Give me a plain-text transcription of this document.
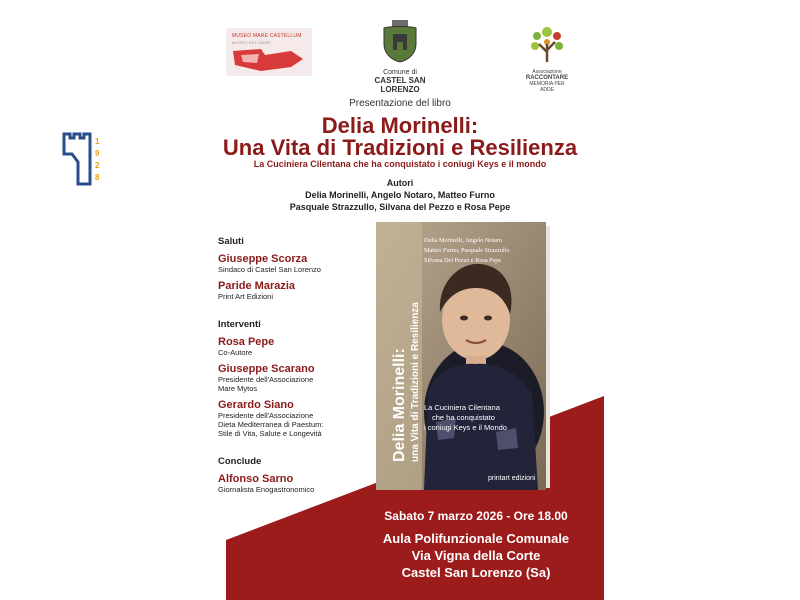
1
9
2
8
MUSEO MARE CASTELLUM
MUSEO DEL MARE
Comune di
CASTEL SAN LORENZO
Associazione
RACCONTARE
MEMORIA PER ADDE
Presentazione del libro
Delia Morinelli:
Una Vita di Tradizioni e Resilienza
La Cuciniera Cilentana che ha conquistato i coniugi Keys e il mondo
Autori
Delia Morinelli, Angelo Notaro, Matteo Furno
Pasquale Strazzullo, Silvana del Pezzo e Rosa Pepe
Saluti
Giuseppe Scorza
Sindaco di Castel San Lorenzo
Paride Marazia
Print Art Edizioni
Interventi
Rosa Pepe
Co-Autore
Giuseppe Scarano
Presidente dell'Associazione
Mare Mytos
Gerardo Siano
Presidente dell'Associazione
Dieta Mediterranea di Paestum:
Stile di Vita, Salute e Longevità
Conclude
Alfonso Sarno
Giornalista Enogastronomico
Delia Morinelli, Angelo Notaro
Matteo Furno, Pasquale Strazzullo
Silvana Del Pezzo e Rosa Pepe
La Cuciniera Cilentana
che ha conquistato
i coniugi Keys e il Mondo
printart edizioni
Delia Morinelli: una Vita di Tradizioni e Resilienza
Sabato 7 marzo 2026 - Ore 18.00
Aula Polifunzionale Comunale
Via Vigna della Corte
Castel San Lorenzo (Sa)
